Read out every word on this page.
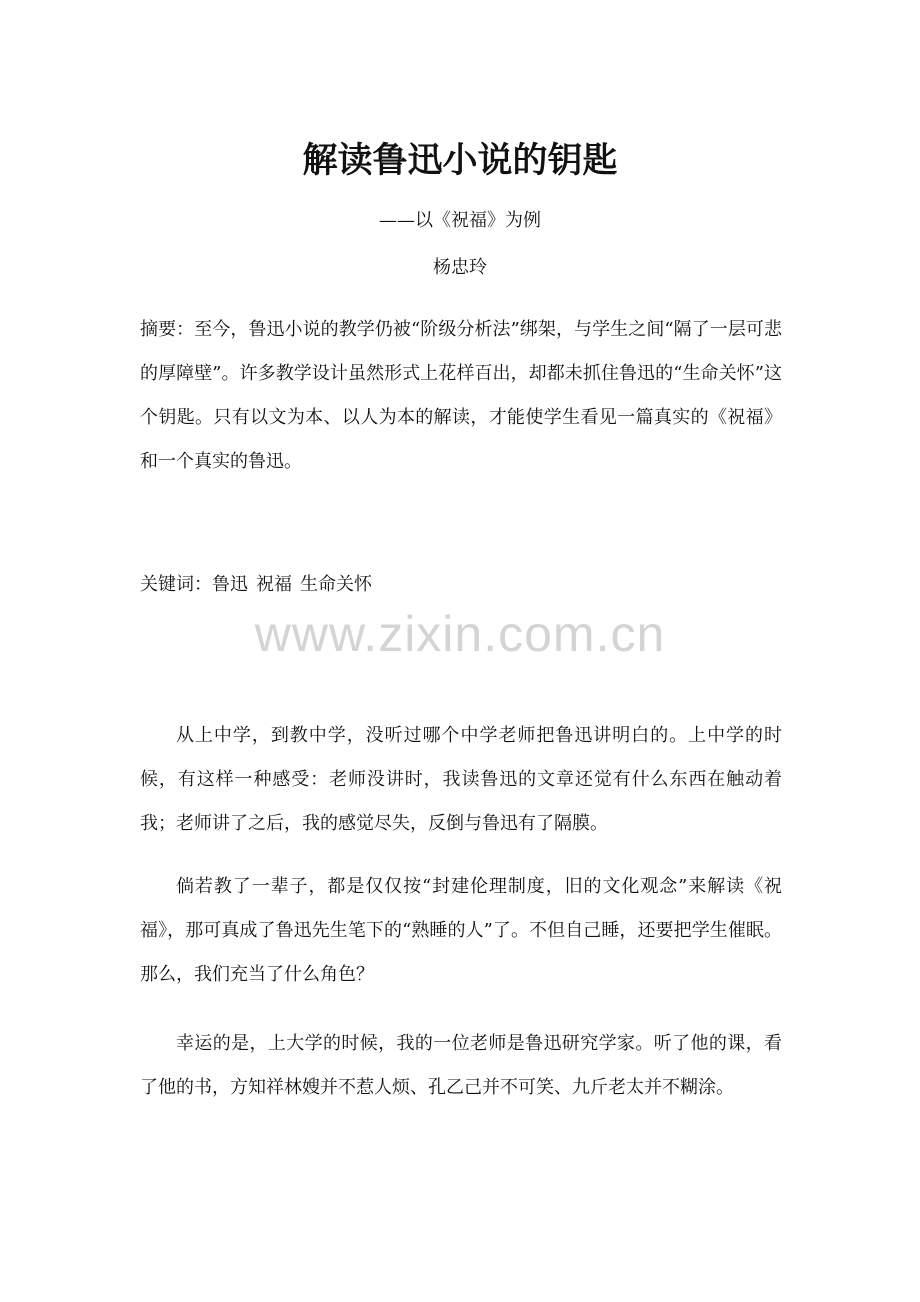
解读鲁迅小说的钥匙
——以《祝福》为例
杨忠玲

摘要：至今，鲁迅小说的教学仍被“阶级分析法”绑架，与学生之间“隔了一层可悲的厚障壁”。许多教学设计虽然形式上花样百出，却都未抓住鲁迅的“生命关怀”这个钥匙。只有以文为本、以人为本的解读，才能使学生看见一篇真实的《祝福》和一个真实的鲁迅。

关键词：鲁迅 祝福 生命关怀

www.zixin.com.cn

从上中学，到教中学，没听过哪个中学老师把鲁迅讲明白的。上中学的时候，有这样一种感受：老师没讲时，我读鲁迅的文章还觉有什么东西在触动着我；老师讲了之后，我的感觉尽失，反倒与鲁迅有了隔膜。

倘若教了一辈子，都是仅仅按“封建伦理制度，旧的文化观念”来解读《祝福》，那可真成了鲁迅先生笔下的“熟睡的人”了。不但自己睡，还要把学生催眠。那么，我们充当了什么角色？

幸运的是，上大学的时候，我的一位老师是鲁迅研究学家。听了他的课，看了他的书，方知祥林嫂并不惹人烦、孔乙己并不可笑、九斤老太并不糊涂。
